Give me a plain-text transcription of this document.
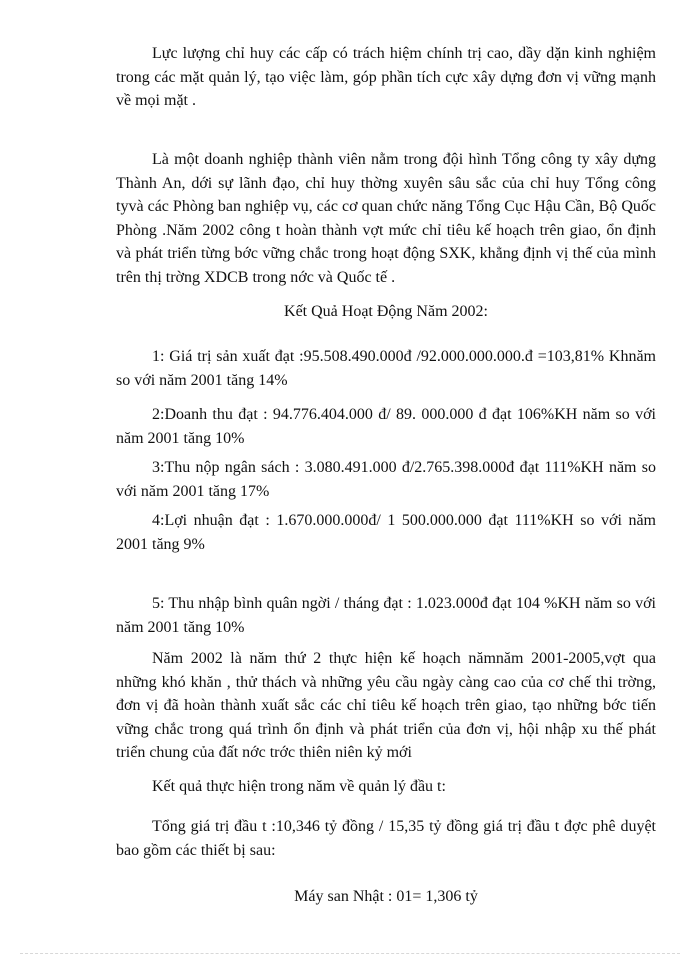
Lực lượng chỉ huy các cấp có trách hiệm chính trị cao, dầy dặn kinh nghiệm trong các mặt quản lý, tạo việc làm, góp phần tích cực xây dựng đơn vị vững mạnh về mọi mặt .

Là một doanh nghiệp thành viên nằm trong đội hình Tổng công ty xây dựng Thành An, dới sự lãnh đạo, chỉ huy thờng xuyên sâu sắc của chỉ huy Tổng công tyvà các Phòng ban nghiệp vụ, các cơ quan chức năng Tổng Cục Hậu Cần, Bộ Quốc Phòng .Năm 2002 công t hoàn thành vợt mức chỉ tiêu kế hoạch trên giao, ổn định và phát triển từng bớc vững chắc trong hoạt động SXK, khẳng định vị thế của mình trên thị trờng XDCB trong nớc và Quốc tế .

Kết Quả Hoạt Động Năm 2002:

1: Giá trị sản xuất đạt :95.508.490.000đ /92.000.000.000.đ =103,81% Khnăm so với năm 2001 tăng 14%

2:Doanh thu đạt : 94.776.404.000 đ/ 89. 000.000 đ đạt 106%KH năm so với năm 2001 tăng 10%

3:Thu nộp ngân sách : 3.080.491.000 đ/2.765.398.000đ đạt 111%KH năm so với năm 2001 tăng 17%

4:Lợi nhuận đạt : 1.670.000.000đ/ 1 500.000.000 đạt 111%KH so với năm 2001 tăng 9%

5: Thu nhập bình quân ngời / tháng đạt : 1.023.000đ đạt 104 %KH năm so với năm 2001 tăng 10%

Năm 2002 là năm thứ 2 thực hiện kế hoạch nămnăm 2001-2005,vợt qua những khó khăn , thử thách và những yêu cầu ngày càng cao của cơ chế thi trờng, đơn vị đã hoàn thành xuất sắc các chỉ tiêu kế hoạch trên giao, tạo những bớc tiến vững chắc trong quá trình ổn định và phát triển của đơn vị, hội nhập xu thế phát triển chung của đất nớc trớc thiên niên kỷ mới

Kết quả thực hiện trong năm về quản lý đầu t:

Tổng giá trị đầu t :10,346 tỷ đồng / 15,35 tỷ đồng giá trị đầu t đợc phê duyệt bao gồm các thiết bị sau:

Máy san Nhật : 01= 1,306 tỷ
